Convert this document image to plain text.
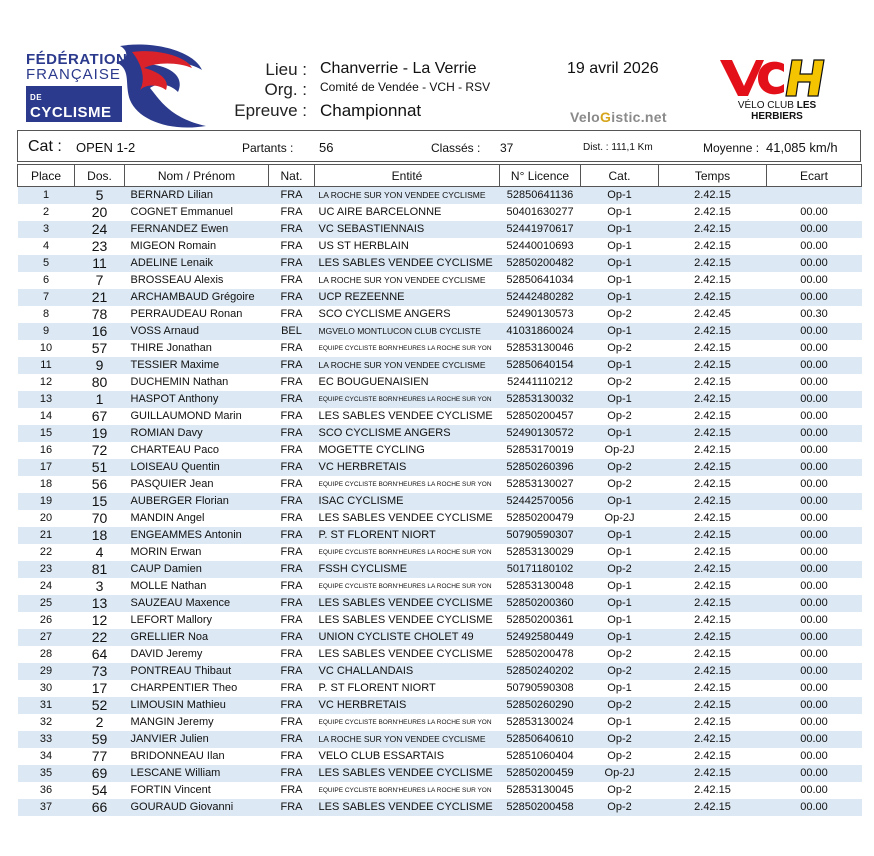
FÉDÉRATION
FRANÇAISE
DE CYCLISME
Lieu :
Org. :
Epreuve :
Chanverrie - La Verrie
Comité de Vendée - VCH - RSV
Championnat
19 avril 2026
VeloGistic.net
VÉLO CLUB LES HERBIERS
Cat : OPEN 1-2	Partants : 56	Classés : 37	Dist. : 111,1 Km	Moyenne : 41,085 km/h
Place	Dos.	Nom / Prénom	Nat.	Entité	N° Licence	Cat.	Temps	Ecart
1	5	BERNARD Lilian	FRA	LA ROCHE SUR YON VENDEE CYCLISME	52850641136	Op-1	2.42.15	
2	20	COGNET Emmanuel	FRA	UC AIRE BARCELONNE	50401630277	Op-1	2.42.15	00.00
3	24	FERNANDEZ Ewen	FRA	VC SEBASTIENNAIS	52441970617	Op-1	2.42.15	00.00
4	23	MIGEON Romain	FRA	US ST HERBLAIN	52440010693	Op-1	2.42.15	00.00
5	11	ADELINE Lenaik	FRA	LES SABLES VENDEE CYCLISME	52850200482	Op-1	2.42.15	00.00
6	7	BROSSEAU Alexis	FRA	LA ROCHE SUR YON VENDEE CYCLISME	52850641034	Op-1	2.42.15	00.00
7	21	ARCHAMBAUD Grégoire	FRA	UCP REZEENNE	52442480282	Op-1	2.42.15	00.00
8	78	PERRAUDEAU Ronan	FRA	SCO CYCLISME ANGERS	52490130573	Op-2	2.42.45	00.30
9	16	VOSS Arnaud	BEL	MGVELO MONTLUCON CLUB CYCLISTE	41031860024	Op-1	2.42.15	00.00
10	57	THIRE Jonathan	FRA	EQUIPE CYCLISTE BORN'HEURES LA ROCHE SUR YON	52853130046	Op-2	2.42.15	00.00
11	9	TESSIER Maxime	FRA	LA ROCHE SUR YON VENDEE CYCLISME	52850640154	Op-1	2.42.15	00.00
12	80	DUCHEMIN Nathan	FRA	EC BOUGUENAISIEN	52441110212	Op-2	2.42.15	00.00
13	1	HASPOT Anthony	FRA	EQUIPE CYCLISTE BORN'HEURES LA ROCHE SUR YON	52853130032	Op-1	2.42.15	00.00
14	67	GUILLAUMOND Marin	FRA	LES SABLES VENDEE CYCLISME	52850200457	Op-2	2.42.15	00.00
15	19	ROMIAN Davy	FRA	SCO CYCLISME ANGERS	52490130572	Op-1	2.42.15	00.00
16	72	CHARTEAU Paco	FRA	MOGETTE CYCLING	52853170019	Op-2J	2.42.15	00.00
17	51	LOISEAU Quentin	FRA	VC HERBRETAIS	52850260396	Op-2	2.42.15	00.00
18	56	PASQUIER Jean	FRA	EQUIPE CYCLISTE BORN'HEURES LA ROCHE SUR YON	52853130027	Op-2	2.42.15	00.00
19	15	AUBERGER Florian	FRA	ISAC CYCLISME	52442570056	Op-1	2.42.15	00.00
20	70	MANDIN Angel	FRA	LES SABLES VENDEE CYCLISME	52850200479	Op-2J	2.42.15	00.00
21	18	ENGEAMMES Antonin	FRA	P. ST FLORENT NIORT	50790590307	Op-1	2.42.15	00.00
22	4	MORIN Erwan	FRA	EQUIPE CYCLISTE BORN'HEURES LA ROCHE SUR YON	52853130029	Op-1	2.42.15	00.00
23	81	CAUP Damien	FRA	FSSH CYCLISME	50171180102	Op-2	2.42.15	00.00
24	3	MOLLE Nathan	FRA	EQUIPE CYCLISTE BORN'HEURES LA ROCHE SUR YON	52853130048	Op-1	2.42.15	00.00
25	13	SAUZEAU Maxence	FRA	LES SABLES VENDEE CYCLISME	52850200360	Op-1	2.42.15	00.00
26	12	LEFORT Mallory	FRA	LES SABLES VENDEE CYCLISME	52850200361	Op-1	2.42.15	00.00
27	22	GRELLIER Noa	FRA	UNION CYCLISTE CHOLET 49	52492580449	Op-1	2.42.15	00.00
28	64	DAVID Jeremy	FRA	LES SABLES VENDEE CYCLISME	52850200478	Op-2	2.42.15	00.00
29	73	PONTREAU Thibaut	FRA	VC CHALLANDAIS	52850240202	Op-2	2.42.15	00.00
30	17	CHARPENTIER Theo	FRA	P. ST FLORENT NIORT	50790590308	Op-1	2.42.15	00.00
31	52	LIMOUSIN Mathieu	FRA	VC HERBRETAIS	52850260290	Op-2	2.42.15	00.00
32	2	MANGIN Jeremy	FRA	EQUIPE CYCLISTE BORN'HEURES LA ROCHE SUR YON	52853130024	Op-1	2.42.15	00.00
33	59	JANVIER Julien	FRA	LA ROCHE SUR YON VENDEE CYCLISME	52850640610	Op-2	2.42.15	00.00
34	77	BRIDONNEAU Ilan	FRA	VELO CLUB ESSARTAIS	52851060404	Op-2	2.42.15	00.00
35	69	LESCANE William	FRA	LES SABLES VENDEE CYCLISME	52850200459	Op-2J	2.42.15	00.00
36	54	FORTIN Vincent	FRA	EQUIPE CYCLISTE BORN'HEURES LA ROCHE SUR YON	52853130045	Op-2	2.42.15	00.00
37	66	GOURAUD Giovanni	FRA	LES SABLES VENDEE CYCLISME	52850200458	Op-2	2.42.15	00.00
